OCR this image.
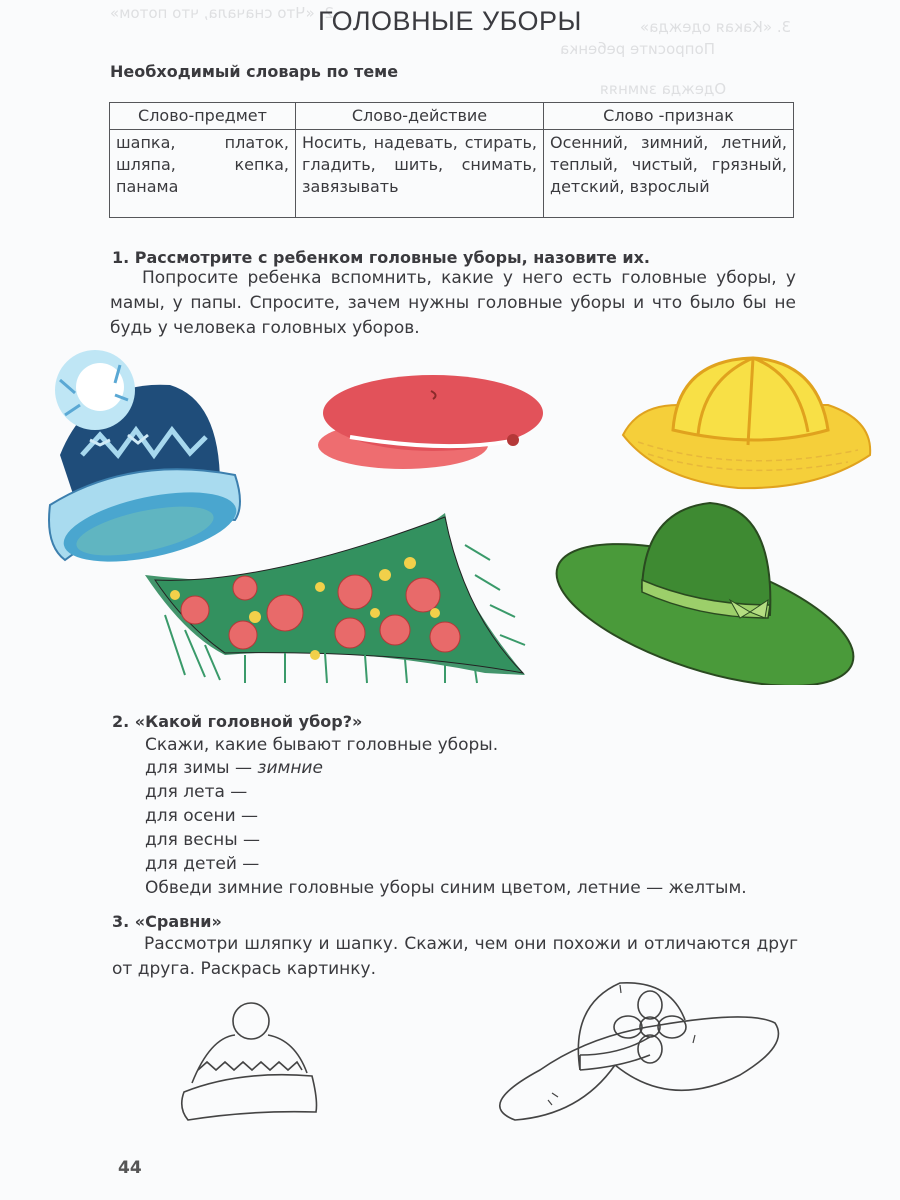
2. «Что сначала, что потом»
3. «Какая одежда»
Попросите ребенка
Одежда зимняя
ГОЛОВНЫЕ УБОРЫ
Необходимый словарь по теме
Слово-предмет	Слово-действие	Слово -признак
шапка, платок, шляпа, кепка, панама	Носить, надевать, стирать, гладить, шить, снимать, завязывать	Осенний, зимний, летний, теплый, чистый, грязный, детский, взрослый
1. Рассмотрите с ребенком головные уборы, назовите их.
Попросите ребенка вспомнить, какие у него есть головные уборы, у мамы, у папы. Спросите, зачем нужны головные уборы и что было бы не будь у человека головных уборов.
2. «Какой головной убор?»
Скажи, какие бывают головные уборы.
для зимы — зимние
для лета —
для осени —
для весны —
для детей —
Обведи зимние головные уборы синим цветом, летние — желтым.
3. «Сравни»
Рассмотри шляпку и шапку. Скажи, чем они похожи и отличаются друг от друга. Раскрась картинку.
44
